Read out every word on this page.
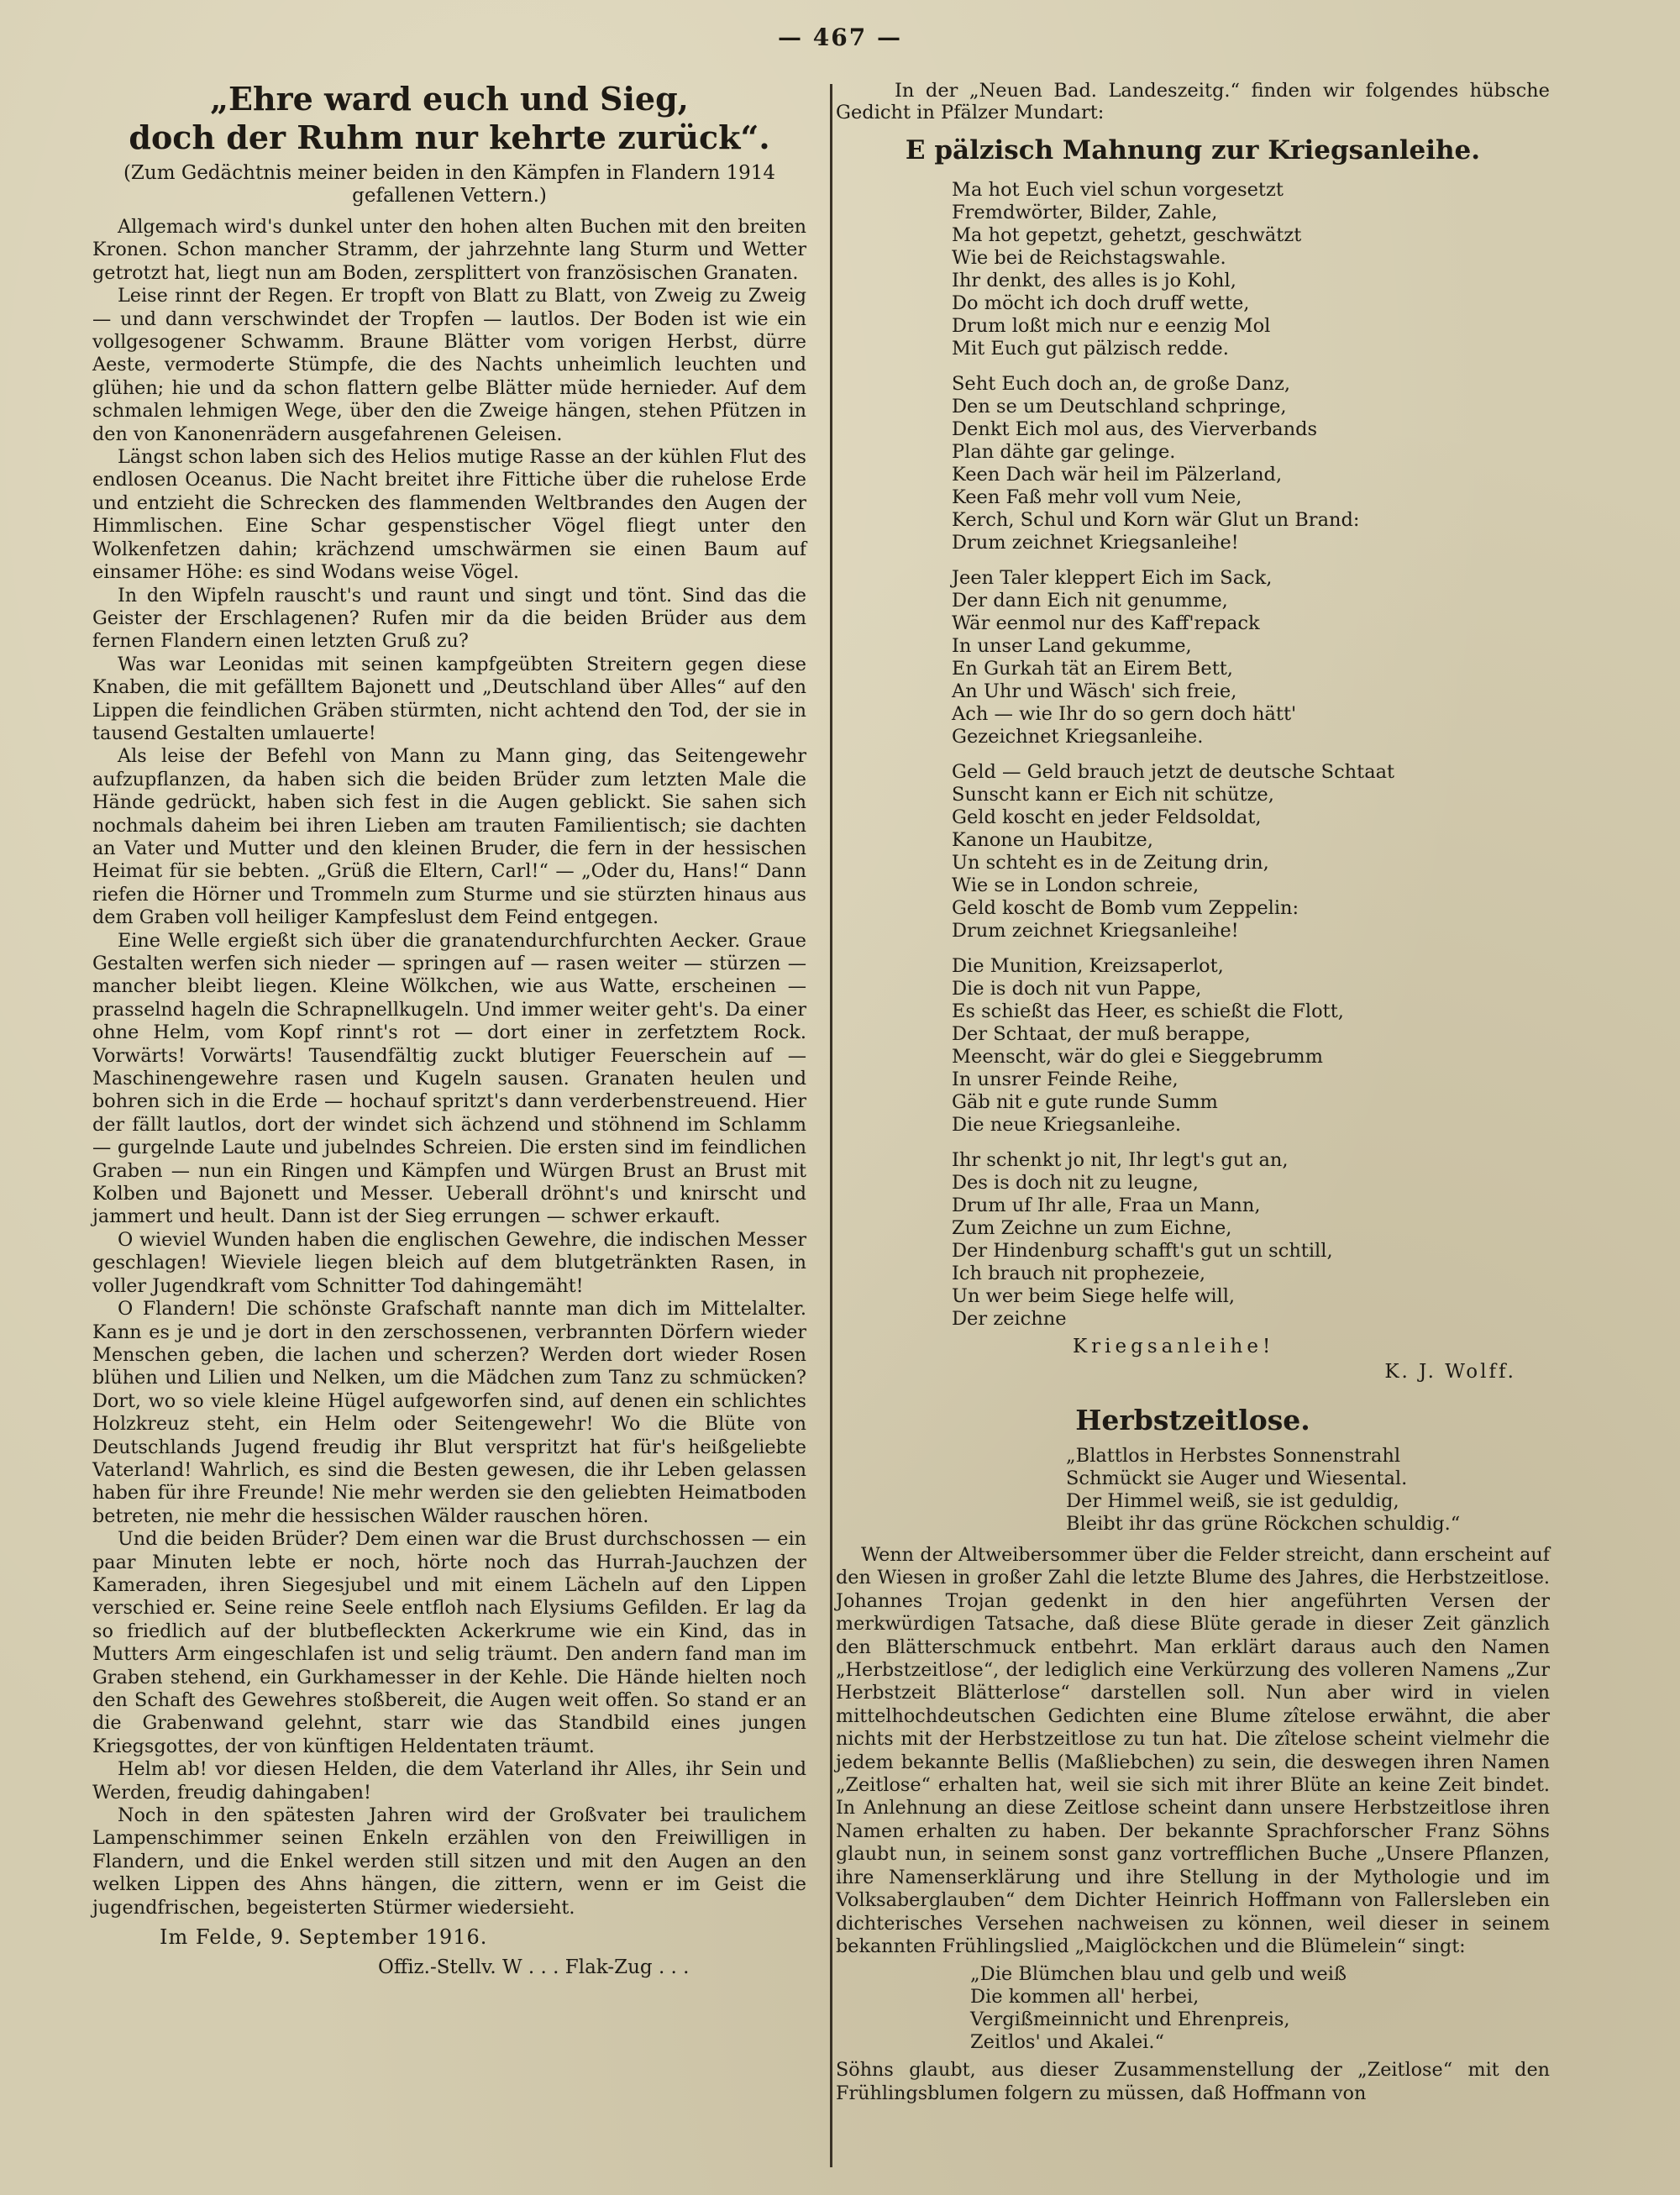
— 467 —

„Ehre ward euch und Sieg,

doch der Ruhm nur kehrte zurück“.

(Zum Gedächtnis meiner beiden in den Kämpfen in Flandern 1914 gefallenen Vettern.)

Allgemach wird's dunkel unter den hohen alten Buchen mit den breiten Kronen. Schon mancher Stramm, der jahrzehnte lang Sturm und Wetter getrotzt hat, liegt nun am Boden, zersplittert von französischen Granaten.

Leise rinnt der Regen. Er tropft von Blatt zu Blatt, von Zweig zu Zweig — und dann verschwindet der Tropfen — lautlos. Der Boden ist wie ein vollgesogener Schwamm. Braune Blätter vom vorigen Herbst, dürre Aeste, vermoderte Stümpfe, die des Nachts unheimlich leuchten und glühen; hie und da schon flattern gelbe Blätter müde hernieder. Auf dem schmalen lehmigen Wege, über den die Zweige hängen, stehen Pfützen in den von Kanonenrädern ausgefahrenen Geleisen.

Längst schon laben sich des Helios mutige Rasse an der kühlen Flut des endlosen Oceanus. Die Nacht breitet ihre Fittiche über die ruhelose Erde und entzieht die Schrecken des flammenden Weltbrandes den Augen der Himmlischen. Eine Schar gespenstischer Vögel fliegt unter den Wolkenfetzen dahin; krächzend umschwärmen sie einen Baum auf einsamer Höhe: es sind Wodans weise Vögel.

In den Wipfeln rauscht's und raunt und singt und tönt. Sind das die Geister der Erschlagenen? Rufen mir da die beiden Brüder aus dem fernen Flandern einen letzten Gruß zu?

Was war Leonidas mit seinen kampfgeübten Streitern gegen diese Knaben, die mit gefälltem Bajonett und „Deutschland über Alles“ auf den Lippen die feindlichen Gräben stürmten, nicht achtend den Tod, der sie in tausend Gestalten umlauerte!

Als leise der Befehl von Mann zu Mann ging, das Seitengewehr aufzupflanzen, da haben sich die beiden Brüder zum letzten Male die Hände gedrückt, haben sich fest in die Augen geblickt. Sie sahen sich nochmals daheim bei ihren Lieben am trauten Familientisch; sie dachten an Vater und Mutter und den kleinen Bruder, die fern in der hessischen Heimat für sie bebten. „Grüß die Eltern, Carl!“ — „Oder du, Hans!“ Dann riefen die Hörner und Trommeln zum Sturme und sie stürzten hinaus aus dem Graben voll heiliger Kampfeslust dem Feind entgegen.

Eine Welle ergießt sich über die granatendurchfurchten Aecker. Graue Gestalten werfen sich nieder — springen auf — rasen weiter — stürzen — mancher bleibt liegen. Kleine Wölkchen, wie aus Watte, erscheinen — prasselnd hageln die Schrapnellkugeln. Und immer weiter geht's. Da einer ohne Helm, vom Kopf rinnt's rot — dort einer in zerfetztem Rock. Vorwärts! Vorwärts! Tausendfältig zuckt blutiger Feuerschein auf — Maschinengewehre rasen und Kugeln sausen. Granaten heulen und bohren sich in die Erde — hochauf spritzt's dann verderbenstreuend. Hier der fällt lautlos, dort der windet sich ächzend und stöhnend im Schlamm — gurgelnde Laute und jubelndes Schreien. Die ersten sind im feindlichen Graben — nun ein Ringen und Kämpfen und Würgen Brust an Brust mit Kolben und Bajonett und Messer. Ueberall dröhnt's und knirscht und jammert und heult. Dann ist der Sieg errungen — schwer erkauft.

O wieviel Wunden haben die englischen Gewehre, die indischen Messer geschlagen! Wieviele liegen bleich auf dem blutgetränkten Rasen, in voller Jugendkraft vom Schnitter Tod dahingemäht!

O Flandern! Die schönste Grafschaft nannte man dich im Mittelalter. Kann es je und je dort in den zerschossenen, verbrannten Dörfern wieder Menschen geben, die lachen und scherzen? Werden dort wieder Rosen blühen und Lilien und Nelken, um die Mädchen zum Tanz zu schmücken? Dort, wo so viele kleine Hügel aufgeworfen sind, auf denen ein schlichtes Holzkreuz steht, ein Helm oder Seitengewehr! Wo die Blüte von Deutschlands Jugend freudig ihr Blut verspritzt hat für's heißgeliebte Vaterland! Wahrlich, es sind die Besten gewesen, die ihr Leben gelassen haben für ihre Freunde! Nie mehr werden sie den geliebten Heimatboden betreten, nie mehr die hessischen Wälder rauschen hören.

Und die beiden Brüder? Dem einen war die Brust durchschossen — ein paar Minuten lebte er noch, hörte noch das Hurrah-Jauchzen der Kameraden, ihren Siegesjubel und mit einem Lächeln auf den Lippen verschied er. Seine reine Seele entfloh nach Elysiums Gefilden. Er lag da so friedlich auf der blutbefleckten Ackerkrume wie ein Kind, das in Mutters Arm eingeschlafen ist und selig träumt. Den andern fand man im Graben stehend, ein Gurkhamesser in der Kehle. Die Hände hielten noch den Schaft des Gewehres stoßbereit, die Augen weit offen. So stand er an die Grabenwand gelehnt, starr wie das Standbild eines jungen Kriegsgottes, der von künftigen Heldentaten träumt.

Helm ab! vor diesen Helden, die dem Vaterland ihr Alles, ihr Sein und Werden, freudig dahingaben!

Noch in den spätesten Jahren wird der Großvater bei traulichem Lampenschimmer seinen Enkeln erzählen von den Freiwilligen in Flandern, und die Enkel werden still sitzen und mit den Augen an den welken Lippen des Ahns hängen, die zittern, wenn er im Geist die jugendfrischen, begeisterten Stürmer wiedersieht.

Im Felde, 9. September 1916.

Offiz.-Stellv. W . . . Flak-Zug . . .

In der „Neuen Bad. Landeszeitg.“ finden wir folgendes hübsche Gedicht in Pfälzer Mundart:

E pälzisch Mahnung zur Kriegsanleihe.

Ma hot Euch viel schun vorgesetzt
Fremdwörter, Bilder, Zahle,
Ma hot gepetzt, gehetzt, geschwätzt
Wie bei de Reichstagswahle.
Ihr denkt, des alles is jo Kohl,
Do möcht ich doch druff wette,
Drum loßt mich nur e eenzig Mol
Mit Euch gut pälzisch redde.
Seht Euch doch an, de große Danz,
Den se um Deutschland schpringe,
Denkt Eich mol aus, des Vierverbands
Plan dähte gar gelinge.
Keen Dach wär heil im Pälzerland,
Keen Faß mehr voll vum Neie,
Kerch, Schul und Korn wär Glut un Brand:
Drum zeichnet Kriegsanleihe!
Jeen Taler kleppert Eich im Sack,
Der dann Eich nit genumme,
Wär eenmol nur des Kaff'repack
In unser Land gekumme,
En Gurkah tät an Eirem Bett,
An Uhr und Wäsch' sich freie,
Ach — wie Ihr do so gern doch hätt'
Gezeichnet Kriegsanleihe.
Geld — Geld brauch jetzt de deutsche Schtaat
Sunscht kann er Eich nit schütze,
Geld koscht en jeder Feldsoldat,
Kanone un Haubitze,
Un schteht es in de Zeitung drin,
Wie se in London schreie,
Geld koscht de Bomb vum Zeppelin:
Drum zeichnet Kriegsanleihe!
Die Munition, Kreizsaperlot,
Die is doch nit vun Pappe,
Es schießt das Heer, es schießt die Flott,
Der Schtaat, der muß berappe,
Meenscht, wär do glei e Sieggebrumm
In unsrer Feinde Reihe,
Gäb nit e gute runde Summ
Die neue Kriegsanleihe.
Ihr schenkt jo nit, Ihr legt's gut an,
Des is doch nit zu leugne,
Drum uf Ihr alle, Fraa un Mann,
Zum Zeichne un zum Eichne,
Der Hindenburg schafft's gut un schtill,
Ich brauch nit prophezeie,
Un wer beim Siege helfe will,
Der zeichne

Kriegsanleihe!

K. J. Wolff.

Herbstzeitlose.

„Blattlos in Herbstes Sonnenstrahl
Schmückt sie Auger und Wiesental.
Der Himmel weiß, sie ist geduldig,
Bleibt ihr das grüne Röckchen schuldig.“

Wenn der Altweibersommer über die Felder streicht, dann erscheint auf den Wiesen in großer Zahl die letzte Blume des Jahres, die Herbstzeitlose. Johannes Trojan gedenkt in den hier angeführten Versen der merkwürdigen Tatsache, daß diese Blüte gerade in dieser Zeit gänzlich den Blätterschmuck entbehrt. Man erklärt daraus auch den Namen „Herbstzeitlose“, der lediglich eine Verkürzung des volleren Namens „Zur Herbstzeit Blätterlose“ darstellen soll. Nun aber wird in vielen mittelhochdeutschen Gedichten eine Blume zîtelose erwähnt, die aber nichts mit der Herbstzeitlose zu tun hat. Die zîtelose scheint vielmehr die jedem bekannte Bellis (Maßliebchen) zu sein, die deswegen ihren Namen „Zeitlose“ erhalten hat, weil sie sich mit ihrer Blüte an keine Zeit bindet. In Anlehnung an diese Zeitlose scheint dann unsere Herbstzeitlose ihren Namen erhalten zu haben. Der bekannte Sprachforscher Franz Söhns glaubt nun, in seinem sonst ganz vortrefflichen Buche „Unsere Pflanzen, ihre Namenserklärung und ihre Stellung in der Mythologie und im Volksaberglauben“ dem Dichter Heinrich Hoffmann von Fallersleben ein dichterisches Versehen nachweisen zu können, weil dieser in seinem bekannten Frühlingslied „Maiglöckchen und die Blümelein“ singt:

„Die Blümchen blau und gelb und weiß
Die kommen all' herbei,
Vergißmeinnicht und Ehrenpreis,
Zeitlos' und Akalei.“

Söhns glaubt, aus dieser Zusammenstellung der „Zeitlose“ mit den Frühlingsblumen folgern zu müssen, daß Hoffmann von
